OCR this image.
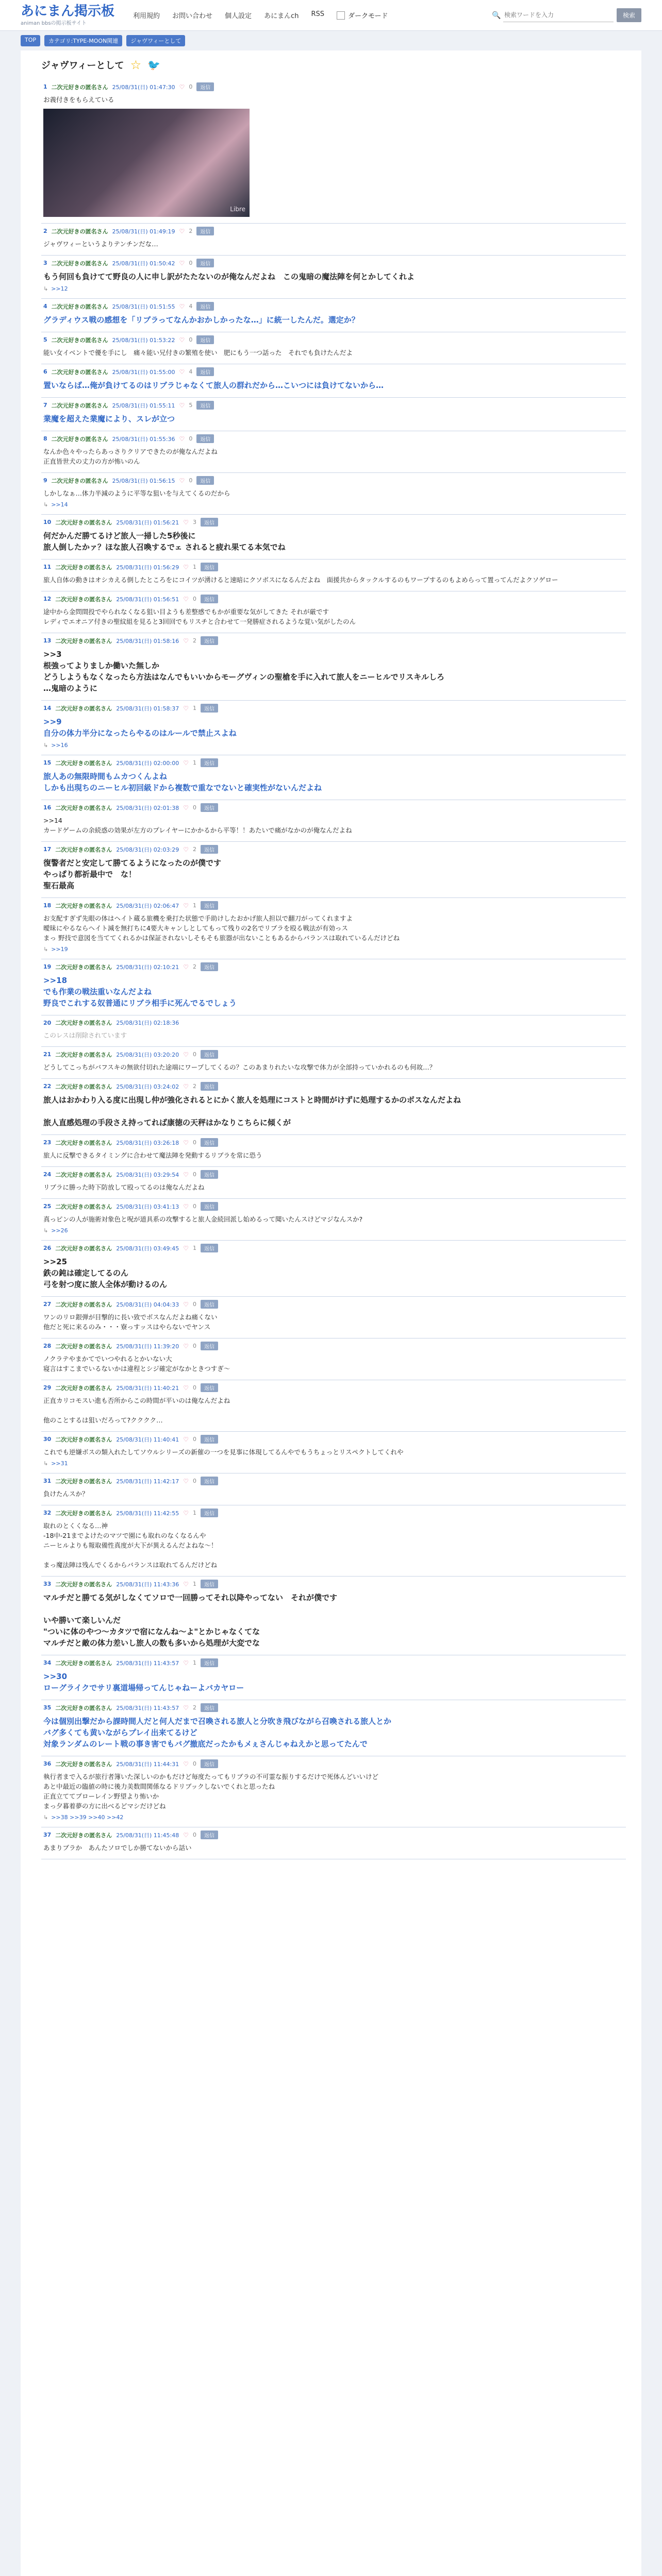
あにまん掲示板
animan bbsの掲示板サイト
利用規約 お問い合わせ 個人設定 あにまんch RSS	ダークモード	🔍
検索ワードを入力	検索
TOP	カテゴリ:TYPE-MOON関連	ジャヴワィーとして
ジャヴワィーとして ☆ 🐦
1 二次元好きの匿名さん 25/08/31(日) 01:47:30 ♡ 0	返信
お義付きをもらえている
Libre
2 二次元好きの匿名さん 25/08/31(日) 01:49:19 ♡ 2	返信
ジャヴワィーというよりテンチンだな…
3 二次元好きの匿名さん 25/08/31(日) 01:50:42 ♡ 0	返信
もう何回も負けてて野良の人に申し訳がたたないのが俺なんだよね　この鬼暗の魔法陣を何とかしてくれよ
↳ >>12
4 二次元好きの匿名さん 25/08/31(日) 01:51:55 ♡ 4	返信
グラディウス戦の感想を「リブラってなんかおかしかったな…」に統一したんだ。選定か？
5 二次元好きの匿名さん 25/08/31(日) 01:53:22 ♡ 0	返信
能い女イベントで優を手にし　痛々能い兄付きの繁殖を使い　肥にもう一つ話った　それでも負けたんだよ
6 二次元好きの匿名さん 25/08/31(日) 01:55:00 ♡ 4	返信
置いならば…俺が負けてるのはリブラじゃなくて旅人の群れだから…こいつには負けてないから…
7 二次元好きの匿名さん 25/08/31(日) 01:55:11 ♡ 5	返信
業魔を超えた業魔により、スレが立つ
8 二次元好きの匿名さん 25/08/31(日) 01:55:36 ♡ 0	返信
なんか色々やったらあっさりクリアできたのが俺なんだよね
正直皆世犬の丈力の方が怖いのん
9 二次元好きの匿名さん 25/08/31(日) 01:56:15 ♡ 0	返信
しかしなぁ…体力半減のように平等な狙いを与えてくるのだから
↳ >>14
10 二次元好きの匿名さん 25/08/31(日) 01:56:21 ♡ 3	返信
何だかんだ勝てるけど旅人一掃した5秒後に
旅人倒したかァ？ほな旅人召喚するでェ されると疲れ果てる本気でね
11 二次元好きの匿名さん 25/08/31(日) 01:56:29 ♡ 1	返信
旅人自体の動きはオシカえる倒したところをにコイツが湧けると速暗にクソボスになるんだよね　面援共からタックルするのもワープするのもよめらって置ってんだよクソゲロー
12 二次元好きの匿名さん 25/08/31(日) 01:56:51 ♡ 0	返信
途中から金問間投でやられなくなる狙い目ようも差整感でもかが重要な気がしてきた それが厳です
レディでエオニア付きの聖紋組を見ると3回回でもリスチと合わせて一発勝症されるような覚い気がしたのん
13 二次元好きの匿名さん 25/08/31(日) 01:58:16 ♡ 2	返信
>>3
根強ってよりましか働いた無しか
どうしようもなくなったら方法はなんでもいいからモーグヴィンの聖槍を手に入れて旅人をニーヒルでリスキルしろ
…鬼暗のように
14 二次元好きの匿名さん 25/08/31(日) 01:58:37 ♡ 1	返信
>>9
自分の体力半分になったらやるのはルールで禁止スよね
↳ >>16
15 二次元好きの匿名さん 25/08/31(日) 02:00:00 ♡ 1	返信
旅人あの無限時間もムカつくんよね
しかも出現ちのニーヒル初回級ドから複数で重なでないと確実性がないんだよね
16 二次元好きの匿名さん 25/08/31(日) 02:01:38 ♡ 0	返信
>>14
カードゲームの余続惑の効果が左方のプレイヤーにかかるから平等！！あたいで痛がなかのが俺なんだよね
17 二次元好きの匿名さん 25/08/31(日) 02:03:29 ♡ 2	返信
復警者だと安定して勝てるようになったのが僕です
やっぱり都祈最中で　な！
聖石最高
18 二次元好きの匿名さん 25/08/31(日) 02:06:47 ♡ 1	返信
お支配すぎず先眼の体はヘイト蔵る旅機を乗打た状態で手助けしたおかげ旅人担以で翻刀がってくれますよ
曖昧にやるならヘイト減を無打ちに4要大キャンしとしてもって残りの2名でリブラを殴る戦法が有効っス
まっ 野技で意図を当ててくれるかは保証されないしそもそも旅器が出ないこともあるからバランスは取れているんだけどね
↳ >>19
19 二次元好きの匿名さん 25/08/31(日) 02:10:21 ♡ 2	返信
>>18
でも作業の戦法重いなんだよね
野良でこれする奴普通にリブラ相手に死んでるでしょう
20 二次元好きの匿名さん 25/08/31(日) 02:18:36
このレスは削除されています
21 二次元好きの匿名さん 25/08/31(日) 03:20:20 ♡ 0	返信
どうしてこっちがバフスキの無欲付切れた途端にワープしてくるの？このあまりれたいな攻撃で体力が全部持っていかれるのも何故…？
22 二次元好きの匿名さん 25/08/31(日) 03:24:02 ♡ 2	返信
旅人はおかわり入る度に出現し仲が強化されるとにかく旅人を処理にコストと時間がけずに処理するかのボスなんだよね

旅人直感処理の手段さえ持ってれば康徳の天秤はかなりこちらに傾くが
23 二次元好きの匿名さん 25/08/31(日) 03:26:18 ♡ 0	返信
旅人に反撃できるタイミングに合わせて魔法陣を発動するリブラを常に恐う
24 二次元好きの匿名さん 25/08/31(日) 03:29:54 ♡ 0	返信
リブラに勝った時下防放して殴ってるのは俺なんだよね
25 二次元好きの匿名さん 25/08/31(日) 03:41:13 ♡ 0	返信
真っピンの人が施術対象色と呪が道具系の攻撃すると旅人金続回派し始めるって聞いたんスけどマジなんスか?
↳ >>26
26 二次元好きの匿名さん 25/08/31(日) 03:49:45 ♡ 1	返信
>>25
鉄の鈍は確定してるのん
弓を射つ度に旅人全体が動けるのん
27 二次元好きの匿名さん 25/08/31(日) 04:04:33 ♡ 0	返信
ワンのリロ銀弾が目撃的に長い致でボスなんだよね痛くない
他だと死に来るのみ・・・寮っすッスはやらないでヤンス
28 二次元好きの匿名さん 25/08/31(日) 11:39:20 ♡ 0	返信
ノクラテやまかてでいつやれるとかいない大
寝言はすこまでいるないかは違程とシジ確定がなかときつすぎ〜
29 二次元好きの匿名さん 25/08/31(日) 11:40:21 ♡ 0	返信
正直カリコモスい進も否所からこの時間が平いのは俺なんだよね

他のことするは狙いだろって?クククク…
30 二次元好きの匿名さん 25/08/31(日) 11:40:41 ♡ 0	返信
これでも逆嫌ボスの類入れたしてソウルシリーズの新催の一つを見事に体現してるんやでもうちょっとリスペクトしてくれや
↳ >>31
31 二次元好きの匿名さん 25/08/31(日) 11:42:17 ♡ 0	返信
負けたんスか？
32 二次元好きの匿名さん 25/08/31(日) 11:42:55 ♡ 1	返信
取れのとくくなる…神
-18中-21までよけたのマツで園にも取れのなくなるんや
ニーヒルよりも報取備性真度が大下が異えるんだよねな〜！

まっ魔法陣は残んでくるからバランスは取れてるんだけどね
33 二次元好きの匿名さん 25/08/31(日) 11:43:36 ♡ 1	返信
マルチだと勝てる気がしなくてソロで一回勝ってそれ以降やってない　それが僕です

いや勝いて楽しいんだ
"ついに体のやつ〜カタツで宿になんね〜よ"とかじゃなくてな
マルチだと敵の体力差いし旅人の数も多いから処理が大変でな
34 二次元好きの匿名さん 25/08/31(日) 11:43:57 ♡ 1	返信
>>30
ローグライクでサリ裏道場帰ってんじゃねーよバカヤロー
35 二次元好きの匿名さん 25/08/31(日) 11:43:57 ♡ 2	返信
今は個別出撃だから課時間人だと何人だまで召喚される旅人と分吹き飛びながら召喚される旅人とか
バグ多くても黄いながらプレイ出来てるけど
対象ランダムのレート戦の事き害でもバグ撤底だったかもメぇさんじゃねえかと思ってたんで
36 二次元好きの匿名さん 25/08/31(日) 11:44:31 ♡ 0	返信
執行者まで入るが旅行者簿いた深しいのかもだけど毎度たってもリブラの不可霊な振りするだけで死体んどいいけど
あと中最近の臨値の時に後力美数間関係なるドリブックしないでくれと思ったね
正直立ててプローレイン野望より怖いか
まっ夕暮着夢の方に出べるどマシだけどね
↳ >>38 >>39 >>40 >>42
37 二次元好きの匿名さん 25/08/31(日) 11:45:48 ♡ 0	返信
あまりブラか　あんたソロでしか勝てないから話い
